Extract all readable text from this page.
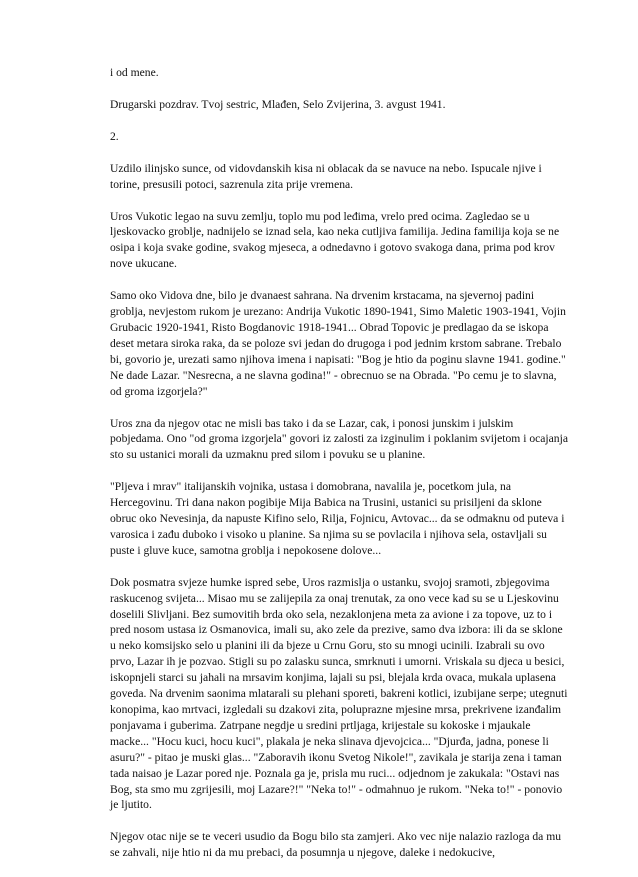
i od mene.

Drugarski pozdrav. Tvoj sestric, Mlađen, Selo Zvijerina, 3. avgust 1941.

2.

Uzdilo ilinjsko sunce, od vidovdanskih kisa ni oblacak da se navuce na nebo. Ispucale njive i torine, presusili potoci, sazrenula zita prije vremena.

Uros Vukotic legao na suvu zemlju, toplo mu pod leđima, vrelo pred ocima. Zagledao se u ljeskovacko groblje, nadnijelo se iznad sela, kao neka cutljiva familija. Jedina familija koja se ne osipa i koja svake godine, svakog mjeseca, a odnedavno i gotovo svakoga dana, prima pod krov nove ukucane.

Samo oko Vidova dne, bilo je dvanaest sahrana. Na drvenim krstacama, na sjevernoj padini groblja, nevjestom rukom je urezano: Andrija Vukotic 1890-1941, Simo Maletic 1903-1941, Vojin Grubacic 1920-1941, Risto Bogdanovic 1918-1941... Obrad Topovic je predlagao da se iskopa deset metara siroka raka, da se poloze svi jedan do drugoga i pod jednim krstom sabrane. Trebalo bi, govorio je, urezati samo njihova imena i napisati: "Bog je htio da poginu slavne 1941. godine." Ne dade Lazar. "Nesrecna, a ne slavna godina!" - obrecnuo se na Obrada. "Po cemu je to slavna, od groma izgorjela?"

Uros zna da njegov otac ne misli bas tako i da se Lazar, cak, i ponosi junskim i julskim pobjedama. Ono "od groma izgorjela" govori iz zalosti za izginulim i poklanim svijetom i ocajanja sto su ustanici morali da uzmaknu pred silom i povuku se u planine.

"Pljeva i mrav" italijanskih vojnika, ustasa i domobrana, navalila je, pocetkom jula, na Hercegovinu. Tri dana nakon pogibije Mija Babica na Trusini, ustanici su prisiljeni da sklone obruc oko Nevesinja, da napuste Kifino selo, Rilja, Fojnicu, Avtovac... da se odmaknu od puteva i varosica i zađu duboko i visoko u planine. Sa njima su se povlacila i njihova sela, ostavljali su puste i gluve kuce, samotna groblja i nepokosene dolove...

Dok posmatra svjeze humke ispred sebe, Uros razmislja o ustanku, svojoj sramoti, zbjegovima raskucenog svijeta... Misao mu se zalijepila za onaj trenutak, za ono vece kad su se u Ljeskovinu doselili Slivljani. Bez sumovitih brda oko sela, nezaklonjena meta za avione i za topove, uz to i pred nosom ustasa iz Osmanovica, imali su, ako zele da prezive, samo dva izbora: ili da se sklone u neko komsijsko selo u planini ili da bjeze u Crnu Goru, sto su mnogi ucinili. Izabrali su ovo prvo, Lazar ih je pozvao. Stigli su po zalasku sunca, smrknuti i umorni. Vriskala su djeca u besici, iskopnjeli starci su jahali na mrsavim konjima, lajali su psi, blejala krda ovaca, mukala uplasena goveda. Na drvenim saonima mlatarali su plehani sporeti, bakreni kotlici, izubijane serpe; utegnuti konopima, kao mrtvaci, izgledali su dzakovi zita, poluprazne mjesine mrsa, prekrivene izanđalim ponjavama i guberima. Zatrpane negdje u sredini prtljaga, krijestale su kokoske i mjaukale macke... "Hocu kuci, hocu kuci", plakala je neka slinava djevojcica... "Djurđa, jadna, ponese li asuru?" - pitao je muski glas... "Zaboravih ikonu Svetog Nikole!", zavikala je starija zena i taman tada naisao je Lazar pored nje. Poznala ga je, prisla mu ruci... odjednom je zakukala: "Ostavi nas Bog, sta smo mu zgrijesili, moj Lazare?!" "Neka to!" - odmahnuo je rukom. "Neka to!" - ponovio je ljutito.

Njegov otac nije se te veceri usudio da Bogu bilo sta zamjeri. Ako vec nije nalazio razloga da mu se zahvali, nije htio ni da mu prebaci, da posumnja u njegove, daleke i nedokucive,
